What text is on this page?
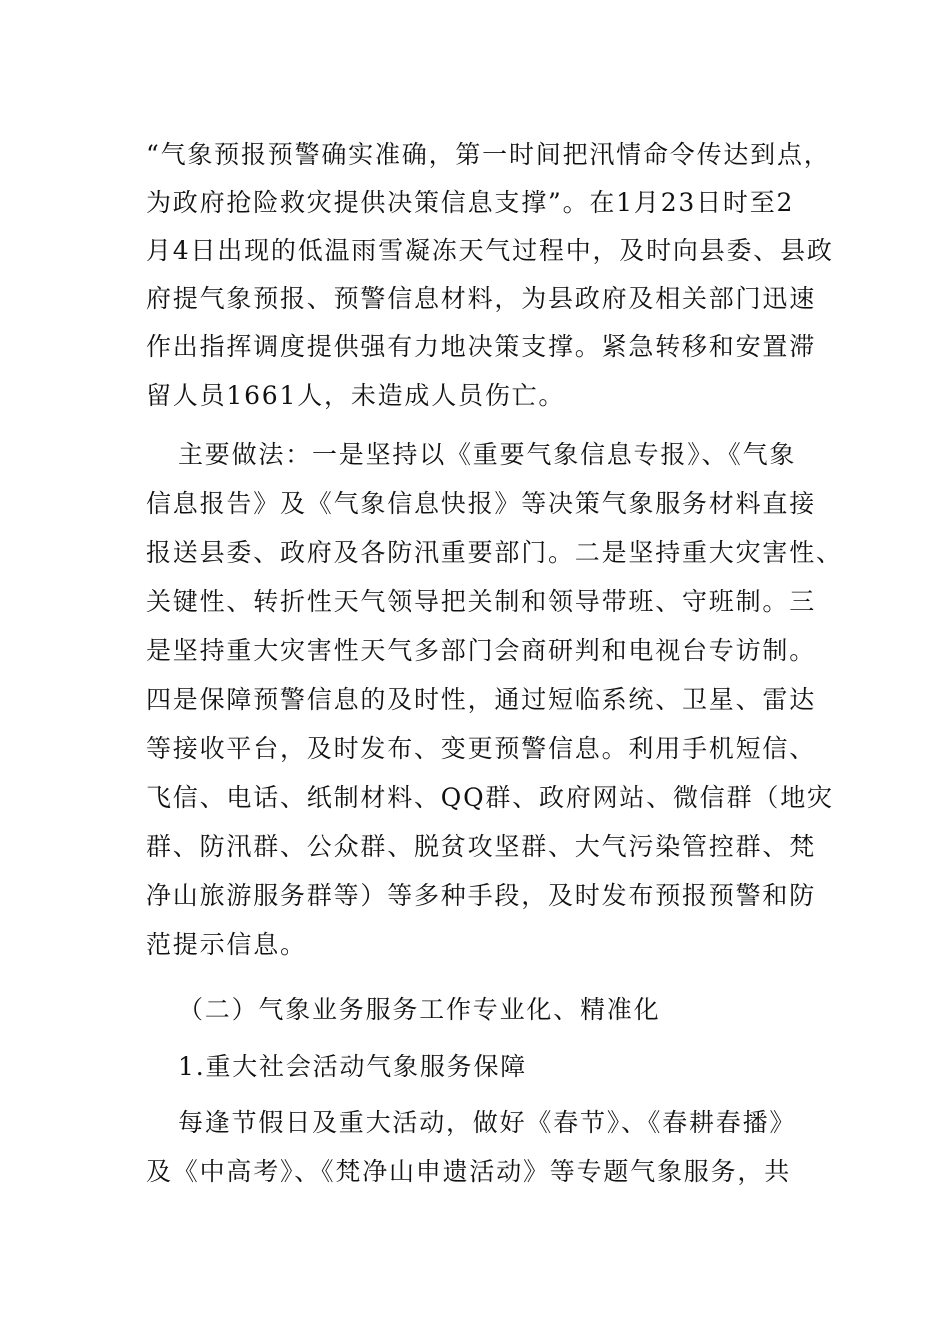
“气象预报预警确实准确，第一时间把汛情命令传达到点，
为政府抢险救灾提供决策信息支撑”。在1月23日时至2
月4日出现的低温雨雪凝冻天气过程中，及时向县委、县政
府提气象预报、预警信息材料，为县政府及相关部门迅速
作出指挥调度提供强有力地决策支撑。紧急转移和安置滞
留人员1661人，未造成人员伤亡。
主要做法：一是坚持以《重要气象信息专报》、《气象
信息报告》及《气象信息快报》等决策气象服务材料直接
报送县委、政府及各防汛重要部门。二是坚持重大灾害性、
关键性、转折性天气领导把关制和领导带班、守班制。三
是坚持重大灾害性天气多部门会商研判和电视台专访制。
四是保障预警信息的及时性，通过短临系统、卫星、雷达
等接收平台，及时发布、变更预警信息。利用手机短信、
飞信、电话、纸制材料、QQ群、政府网站、微信群（地灾
群、防汛群、公众群、脱贫攻坚群、大气污染管控群、梵
净山旅游服务群等）等多种手段，及时发布预报预警和防
范提示信息。
（二）气象业务服务工作专业化、精准化
1.重大社会活动气象服务保障
每逢节假日及重大活动，做好《春节》、《春耕春播》
及《中高考》、《梵净山申遗活动》等专题气象服务，共
